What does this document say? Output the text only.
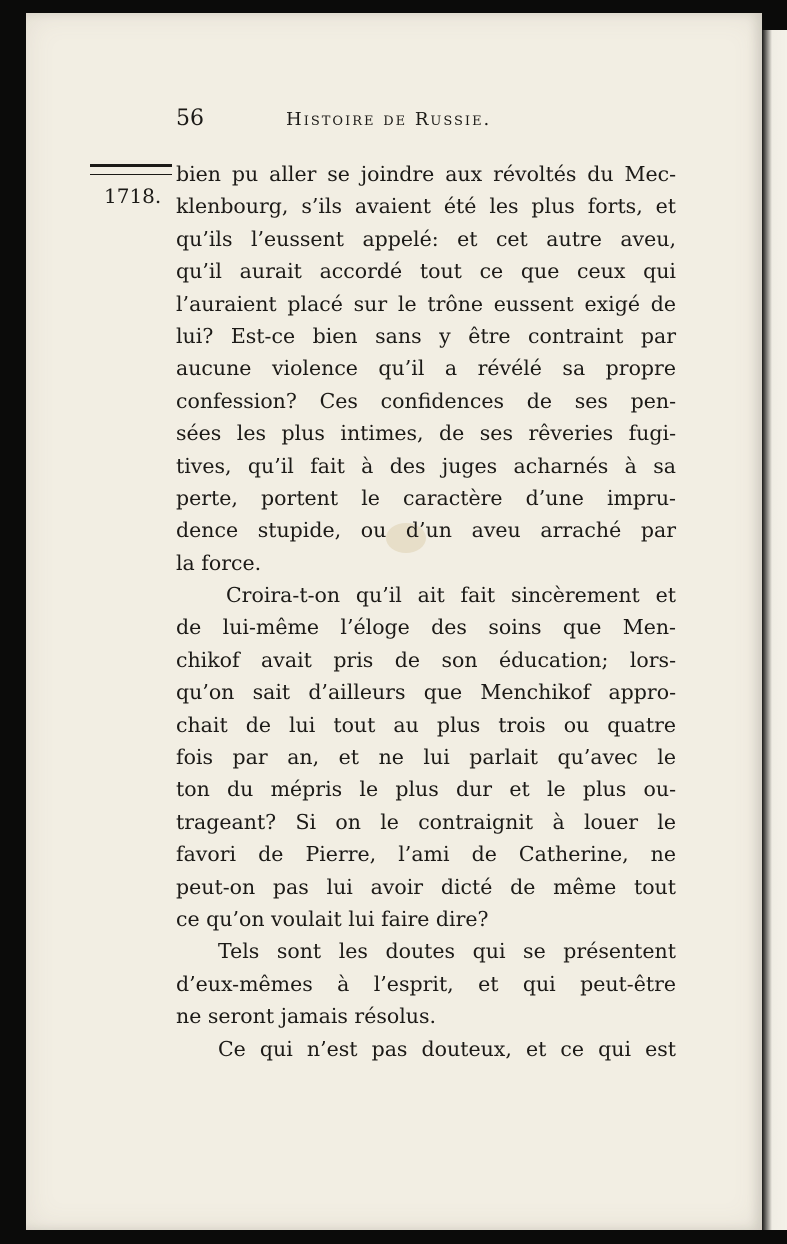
56	Histoire de Russie.
1718.
bien pu aller se joindre aux révoltés du Mec-
klenbourg, s’ils avaient été les plus forts, et
qu’ils l’eussent appelé: et cet autre aveu,
qu’il aurait accordé tout ce que ceux qui
l’auraient placé sur le trône eussent exigé de
lui? Est-ce bien sans y être contraint par
aucune violence qu’il a révélé sa propre
confession? Ces confidences de ses pen-
sées les plus intimes, de ses rêveries fugi-
tives, qu’il fait à des juges acharnés à sa
perte, portent le caractère d’une impru-
dence stupide, ou d’un aveu arraché par
la force.
Croira-t-on qu’il ait fait sincèrement et
de lui-même l’éloge des soins que Men-
chikof avait pris de son éducation; lors-
qu’on sait d’ailleurs que Menchikof appro-
chait de lui tout au plus trois ou quatre
fois par an, et ne lui parlait qu’avec le
ton du mépris le plus dur et le plus ou-
trageant? Si on le contraignit à louer le
favori de Pierre, l’ami de Catherine, ne
peut-on pas lui avoir dicté de même tout
ce qu’on voulait lui faire dire?
Tels sont les doutes qui se présentent
d’eux-mêmes à l’esprit, et qui peut-être
ne seront jamais résolus.
Ce qui n’est pas douteux, et ce qui est
